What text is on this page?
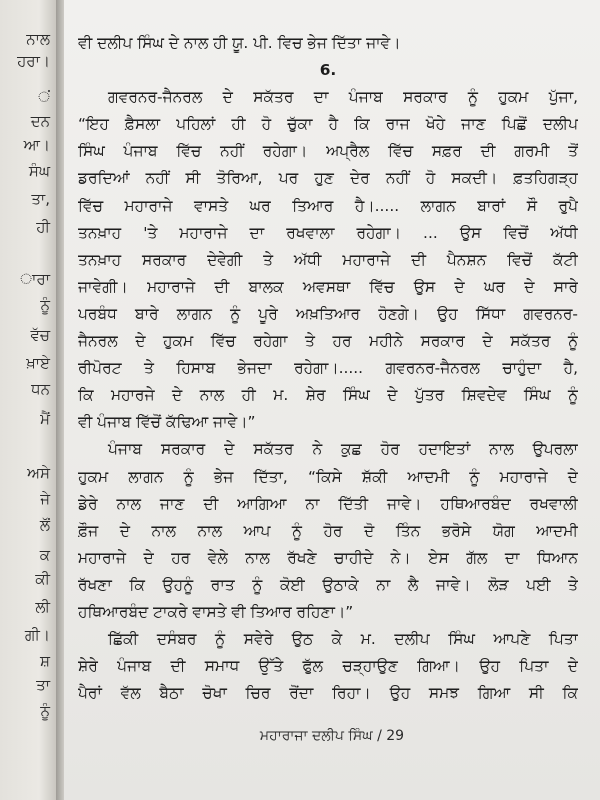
ਨਾਲ
ਹਰਾ।
ਂ
ਦਨ
ਆ।
ਸੰਘ
ਤਾ,
ਹੀ
ਾਰਾ
ਨੂੰ
ਵੱਚ
ਖ਼ਾਏ
ਧਨ
ਮੈਂ
ਅਸੇ
ਜੇ
ਲੱਂ
ਕ
ਕੀ
ਲੀ
ਗੀ।
ਸ਼
ਤਾ
ਨੂੰ
ਵੀ ਦਲੀਪ ਸਿੰਘ ਦੇ ਨਾਲ ਹੀ ਯੂ. ਪੀ. ਵਿਚ ਭੇਜ ਦਿੱਤਾ ਜਾਵੇ।
6.
ਗਵਰਨਰ-ਜੈਨਰਲ ਦੇ ਸਕੱਤਰ ਦਾ ਪੰਜਾਬ ਸਰਕਾਰ ਨੂੰ ਹੁਕਮ ਪੁੱਜਾ,
“ਇਹ ਫ਼ੈਸਲਾ ਪਹਿਲਾਂ ਹੀ ਹੋ ਚੁੱਕਾ ਹੈ ਕਿ ਰਾਜ ਖੋਹੇ ਜਾਣ ਪਿਛੋਂ ਦਲੀਪ
ਸਿੰਘ ਪੰਜਾਬ ਵਿੱਚ ਨਹੀਂ ਰਹੇਗਾ। ਅਪ੍ਰੈਲ ਵਿੱਚ ਸਫ਼ਰ ਦੀ ਗਰਮੀ ਤੋਂ
ਡਰਦਿਆਂ ਨਹੀਂ ਸੀ ਤੋਰਿਆ, ਪਰ ਹੁਣ ਦੇਰ ਨਹੀਂ ਹੋ ਸਕਦੀ। ਫ਼ਤਹਿਗੜ੍ਹ
ਵਿੱਚ ਮਹਾਰਾਜੇ ਵਾਸਤੇ ਘਰ ਤਿਆਰ ਹੈ।..... ਲਾਗਨ ਬਾਰਾਂ ਸੌ ਰੁਪੈ
ਤਨਖ਼ਾਹ 'ਤੇ ਮਹਾਰਾਜੇ ਦਾ ਰਖਵਾਲਾ ਰਹੇਗਾ। ... ਉਸ ਵਿਚੋਂ ਅੱਧੀ
ਤਨਖ਼ਾਹ ਸਰਕਾਰ ਦੇਵੇਗੀ ਤੇ ਅੱਧੀ ਮਹਾਰਾਜੇ ਦੀ ਪੈਨਸ਼ਨ ਵਿਚੋਂ ਕੱਟੀ
ਜਾਵੇਗੀ। ਮਹਾਰਾਜੇ ਦੀ ਬਾਲਕ ਅਵਸਥਾ ਵਿੱਚ ਉਸ ਦੇ ਘਰ ਦੇ ਸਾਰੇ
ਪਰਬੰਧ ਬਾਰੇ ਲਾਗਨ ਨੂੰ ਪੂਰੇ ਅਖ਼ਤਿਆਰ ਹੋਣਗੇ। ਉਹ ਸਿੱਧਾ ਗਵਰਨਰ-
ਜੈਨਰਲ ਦੇ ਹੁਕਮ ਵਿੱਚ ਰਹੇਗਾ ਤੇ ਹਰ ਮਹੀਨੇ ਸਰਕਾਰ ਦੇ ਸਕੱਤਰ ਨੂੰ
ਰੀਪੋਰਟ ਤੇ ਹਿਸਾਬ ਭੇਜਦਾ ਰਹੇਗਾ।..... ਗਵਰਨਰ-ਜੈਨਰਲ ਚਾਹੁੰਦਾ ਹੈ,
ਕਿ ਮਹਾਰਜੇ ਦੇ ਨਾਲ ਹੀ ਮ. ਸ਼ੇਰ ਸਿੰਘ ਦੇ ਪੁੱਤਰ ਸ਼ਿਵਦੇਵ ਸਿੰਘ ਨੂੰ
ਵੀ ਪੰਜਾਬ ਵਿੱਚੋਂ ਕੱਢਿਆ ਜਾਵੇ।”
ਪੰਜਾਬ ਸਰਕਾਰ ਦੇ ਸਕੱਤਰ ਨੇ ਕੁਛ ਹੋਰ ਹਦਾਇਤਾਂ ਨਾਲ ਉਪਰਲਾ
ਹੁਕਮ ਲਾਗਨ ਨੂੰ ਭੇਜ ਦਿੱਤਾ, “ਕਿਸੇ ਸ਼ੱਕੀ ਆਦਮੀ ਨੂੰ ਮਹਾਰਾਜੇ ਦੇ
ਡੇਰੇ ਨਾਲ ਜਾਣ ਦੀ ਆਗਿਆ ਨਾ ਦਿੱਤੀ ਜਾਵੇ। ਹਥਿਆਰਬੰਦ ਰਖਵਾਲੀ
ਫ਼ੌਜ ਦੇ ਨਾਲ ਨਾਲ ਆਪ ਨੂੰ ਹੋਰ ਦੋ ਤਿੰਨ ਭਰੋਸੇ ਯੋਗ ਆਦਮੀ
ਮਹਾਰਾਜੇ ਦੇ ਹਰ ਵੇਲੇ ਨਾਲ ਰੱਖਣੇ ਚਾਹੀਦੇ ਨੇ। ਏਸ ਗੱਲ ਦਾ ਧਿਆਨ
ਰੱਖਣਾ ਕਿ ਉਹਨੂੰ ਰਾਤ ਨੂੰ ਕੋਈ ਉਠਾਕੇ ਨਾ ਲੈ ਜਾਵੇ। ਲੋੜ ਪਈ ਤੇ
ਹਥਿਆਰਬੰਦ ਟਾਕਰੇ ਵਾਸਤੇ ਵੀ ਤਿਆਰ ਰਹਿਣਾ।”
ਛਿੱਕੀ ਦਸੰਬਰ ਨੂੰ ਸਵੇਰੇ ਉਠ ਕੇ ਮ. ਦਲੀਪ ਸਿੰਘ ਆਪਣੇ ਪਿਤਾ
ਸ਼ੇਰੇ ਪੰਜਾਬ ਦੀ ਸਮਾਧ ਉੱਤੇ ਫੁੱਲ ਚੜ੍ਹਾਉਣ ਗਿਆ। ਉਹ ਪਿਤਾ ਦੇ
ਪੈਰਾਂ ਵੱਲ ਬੈਠਾ ਚੋਖਾ ਚਿਰ ਰੋਂਦਾ ਰਿਹਾ। ਉਹ ਸਮਝ ਗਿਆ ਸੀ ਕਿ
ਮਹਾਰਾਜਾ ਦਲੀਪ ਸਿੰਘ / 29
